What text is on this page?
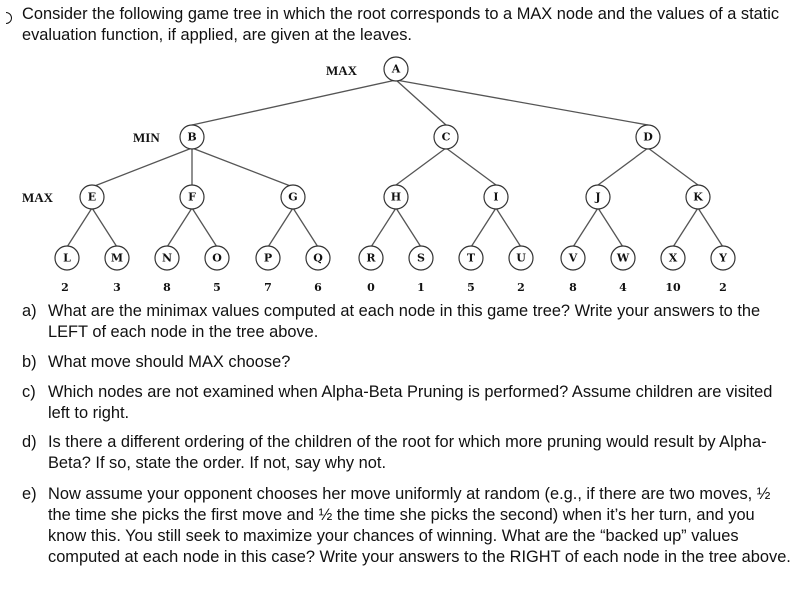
Consider the following game tree in which the root corresponds to a MAX node and the values of a static evaluation function, if applied, are given at the leaves.
MAX
MIN
MAX
A
B	C	D
E	F	G	H	I	J	K
L	M	N	O	P	Q	R	S	T	U	V	W	X	Y
2	3	8	5	7	6	0	1	5	2	8	4	10	2
a) What are the minimax values computed at each node in this game tree? Write your answers to the LEFT of each node in the tree above.
b) What move should MAX choose?
c) Which nodes are not examined when Alpha-Beta Pruning is performed? Assume children are visited left to right.
d) Is there a different ordering of the children of the root for which more pruning would result by Alpha-Beta? If so, state the order. If not, say why not.
e) Now assume your opponent chooses her move uniformly at random (e.g., if there are two moves, ½ the time she picks the first move and ½ the time she picks the second) when it’s her turn, and you know this. You still seek to maximize your chances of winning. What are the “backed up” values computed at each node in this case? Write your answers to the RIGHT of each node in the tree above.
